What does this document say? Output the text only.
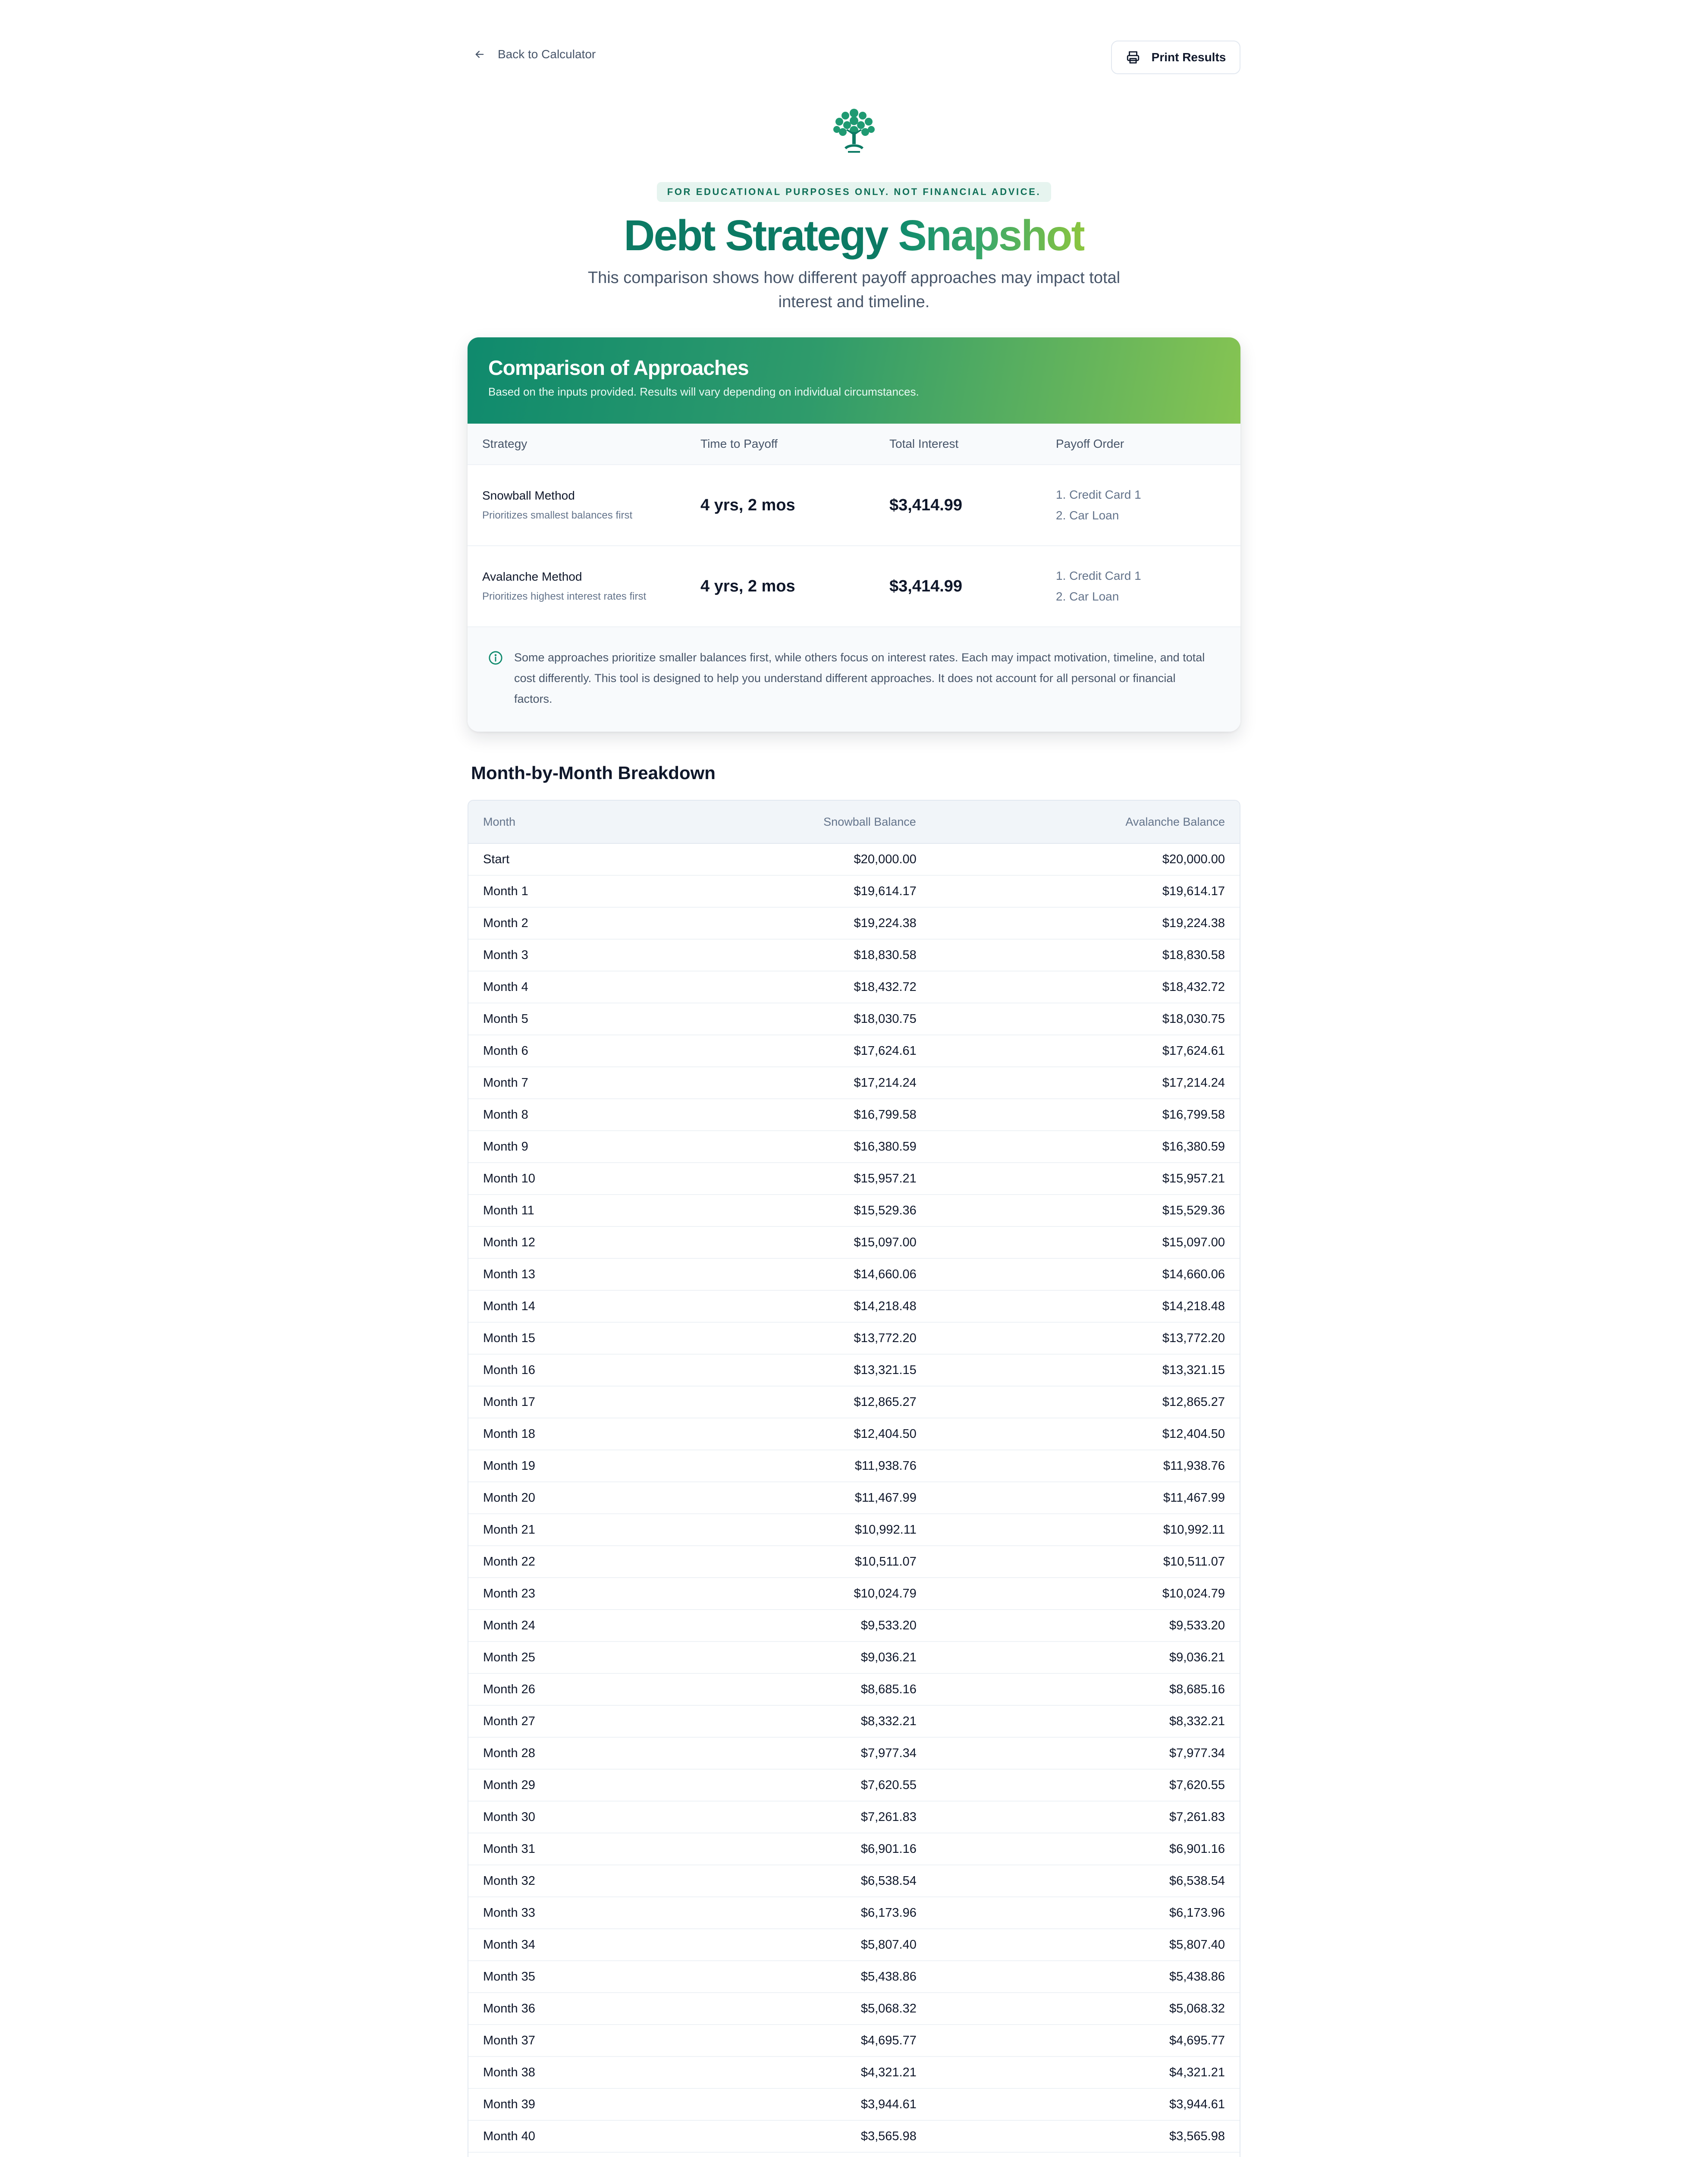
Back to Calculator	Print Results
FOR EDUCATIONAL PURPOSES ONLY. NOT FINANCIAL ADVICE.
Debt Strategy Snapshot

This comparison shows how different payoff approaches may impact total interest and timeline.

Comparison of Approaches

Based on the inputs provided. Results will vary depending on individual circumstances.

Strategy	Time to Payoff	Total Interest	Payoff Order
Snowball Method
Prioritizes smallest balances first
4 yrs, 2 mos	$3,414.99
1. Credit Card 1
2. Car Loan
Avalanche Method
Prioritizes highest interest rates first
4 yrs, 2 mos	$3,414.99
1. Credit Card 1
2. Car Loan
Some approaches prioritize smaller balances first, while others focus on interest rates. Each may impact motivation, timeline, and total cost differently. This tool is designed to help you understand different approaches. It does not account for all personal or financial factors.
Month-by-Month Breakdown
Month	Snowball Balance	Avalanche Balance
Start	$20,000.00	$20,000.00
Month 1	$19,614.17	$19,614.17
Month 2	$19,224.38	$19,224.38
Month 3	$18,830.58	$18,830.58
Month 4	$18,432.72	$18,432.72
Month 5	$18,030.75	$18,030.75
Month 6	$17,624.61	$17,624.61
Month 7	$17,214.24	$17,214.24
Month 8	$16,799.58	$16,799.58
Month 9	$16,380.59	$16,380.59
Month 10	$15,957.21	$15,957.21
Month 11	$15,529.36	$15,529.36
Month 12	$15,097.00	$15,097.00
Month 13	$14,660.06	$14,660.06
Month 14	$14,218.48	$14,218.48
Month 15	$13,772.20	$13,772.20
Month 16	$13,321.15	$13,321.15
Month 17	$12,865.27	$12,865.27
Month 18	$12,404.50	$12,404.50
Month 19	$11,938.76	$11,938.76
Month 20	$11,467.99	$11,467.99
Month 21	$10,992.11	$10,992.11
Month 22	$10,511.07	$10,511.07
Month 23	$10,024.79	$10,024.79
Month 24	$9,533.20	$9,533.20
Month 25	$9,036.21	$9,036.21
Month 26	$8,685.16	$8,685.16
Month 27	$8,332.21	$8,332.21
Month 28	$7,977.34	$7,977.34
Month 29	$7,620.55	$7,620.55
Month 30	$7,261.83	$7,261.83
Month 31	$6,901.16	$6,901.16
Month 32	$6,538.54	$6,538.54
Month 33	$6,173.96	$6,173.96
Month 34	$5,807.40	$5,807.40
Month 35	$5,438.86	$5,438.86
Month 36	$5,068.32	$5,068.32
Month 37	$4,695.77	$4,695.77
Month 38	$4,321.21	$4,321.21
Month 39	$3,944.61	$3,944.61
Month 40	$3,565.98	$3,565.98
